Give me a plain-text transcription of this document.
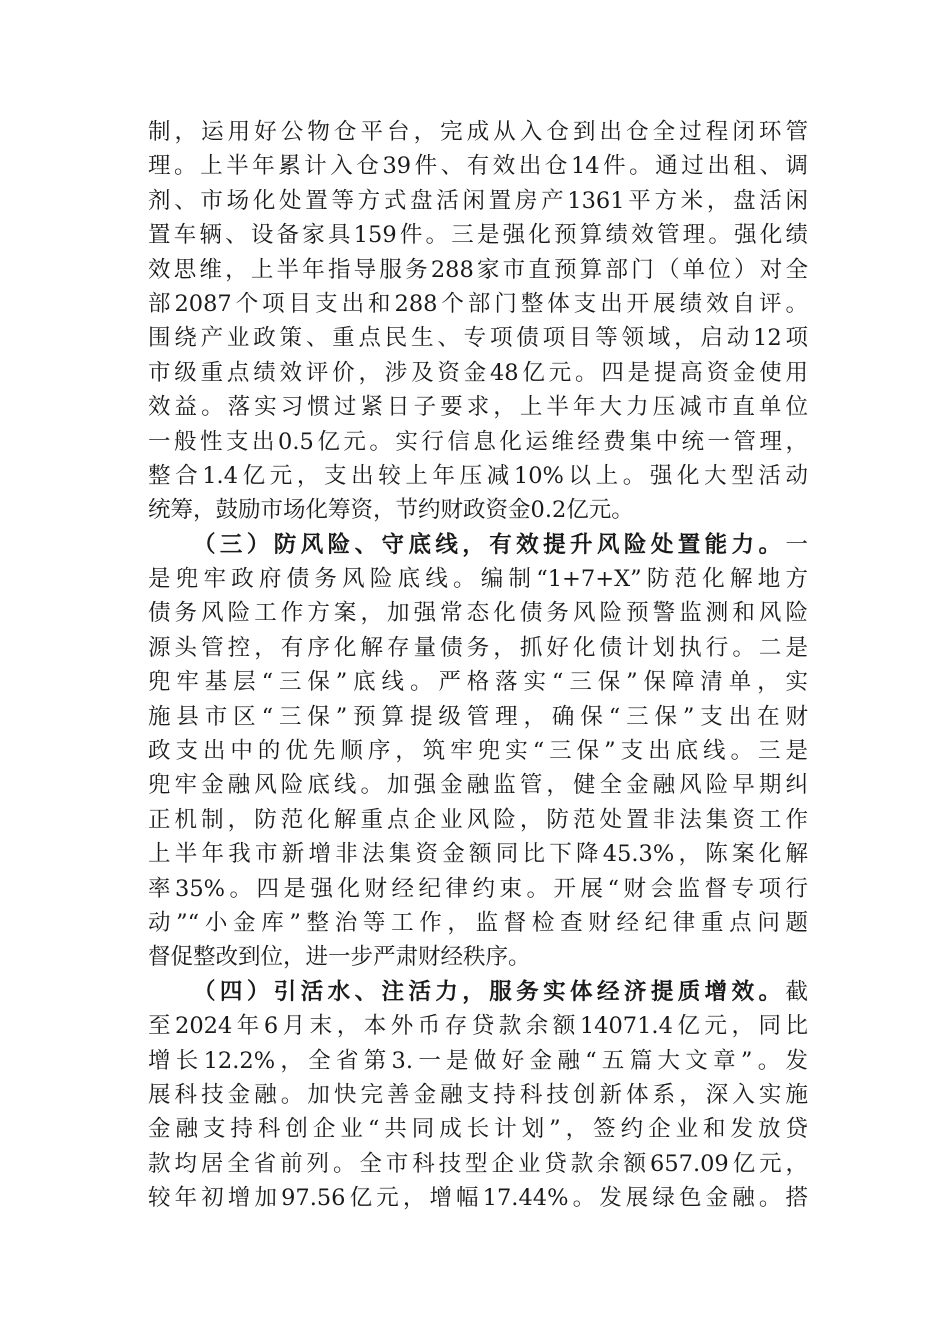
制，运用好公物仓平台，完成从入仓到出仓全过程闭环管
理。上半年累计入仓39件、有效出仓14件。通过出租、调
剂、市场化处置等方式盘活闲置房产1361平方米，盘活闲
置车辆、设备家具159件。三是强化预算绩效管理。强化绩
效思维，上半年指导服务288家市直预算部门（单位）对全
部2087个项目支出和288个部门整体支出开展绩效自评。
围绕产业政策、重点民生、专项债项目等领域，启动12项
市级重点绩效评价，涉及资金48亿元。四是提高资金使用
效益。落实习惯过紧日子要求，上半年大力压减市直单位
一般性支出0.5亿元。实行信息化运维经费集中统一管理，
整合1.4亿元，支出较上年压减10%以上。强化大型活动
统筹，鼓励市场化筹资，节约财政资金0.2亿元。
（三）防风险、守底线，有效提升风险处置能力。一
是兜牢政府债务风险底线。编制“1+7+X”防范化解地方
债务风险工作方案，加强常态化债务风险预警监测和风险
源头管控，有序化解存量债务，抓好化债计划执行。二是
兜牢基层“三保”底线。严格落实“三保”保障清单，实
施县市区“三保”预算提级管理，确保“三保”支出在财
政支出中的优先顺序，筑牢兜实“三保”支出底线。三是
兜牢金融风险底线。加强金融监管，健全金融风险早期纠
正机制，防范化解重点企业风险，防范处置非法集资工作
上半年我市新增非法集资金额同比下降45.3%，陈案化解
率35%。四是强化财经纪律约束。开展“财会监督专项行
动”“小金库”整治等工作，监督检查财经纪律重点问题
督促整改到位，进一步严肃财经秩序。
（四）引活水、注活力，服务实体经济提质增效。截
至2024年6月末，本外币存贷款余额14071.4亿元，同比
增长12.2%，全省第3.一是做好金融“五篇大文章”。发
展科技金融。加快完善金融支持科技创新体系，深入实施
金融支持科创企业“共同成长计划”，签约企业和发放贷
款均居全省前列。全市科技型企业贷款余额657.09亿元，
较年初增加97.56亿元，增幅17.44%。发展绿色金融。搭
